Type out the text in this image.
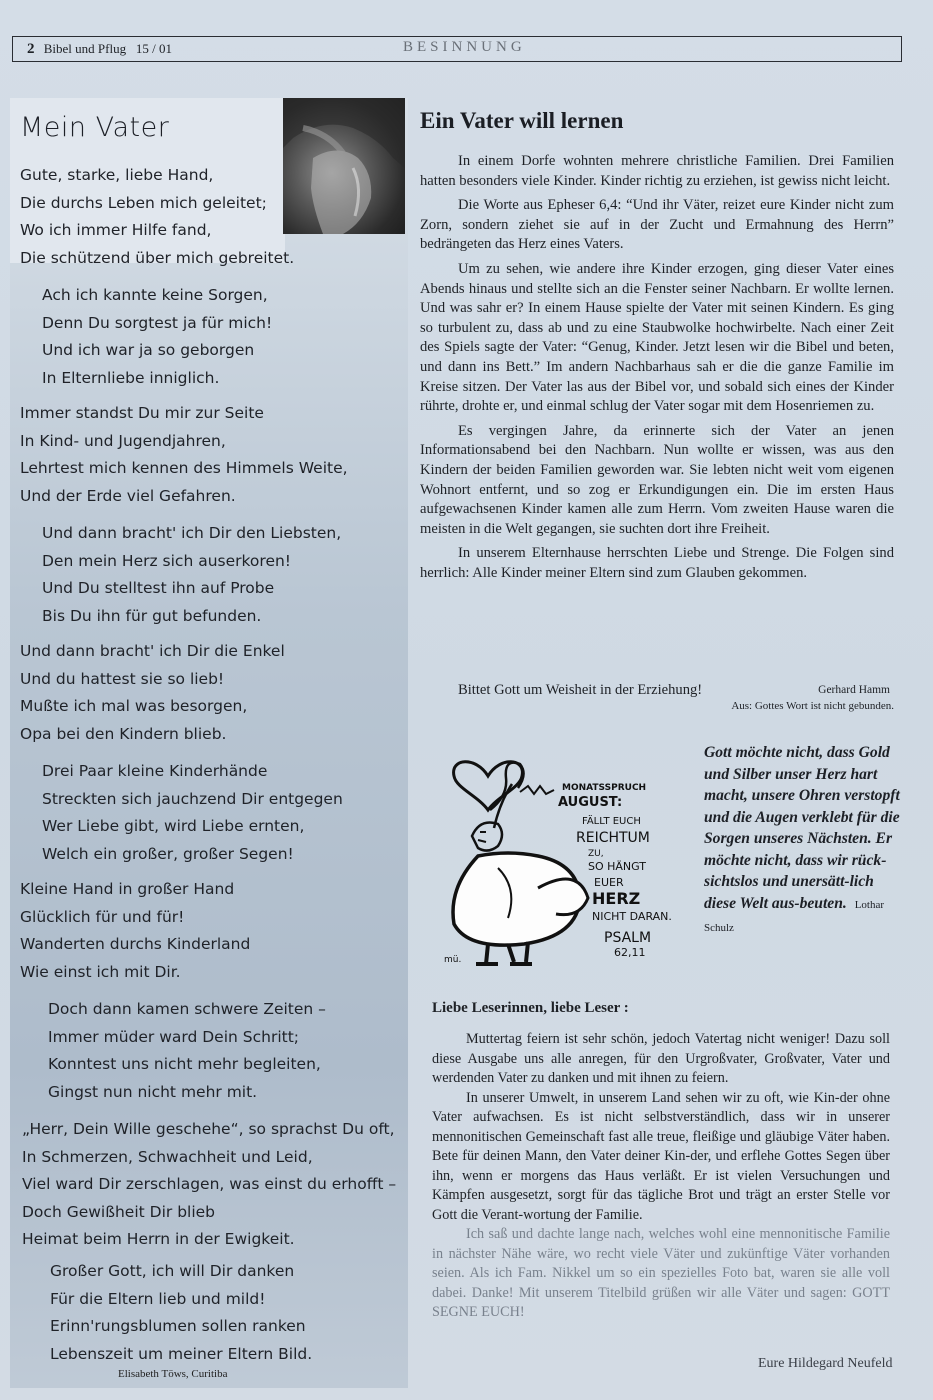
2 Bibel und Pflug 15 / 01	BESINNUNG
Mein Vater
Gute, starke, liebe Hand,
Die durchs Leben mich geleitet;
Wo ich immer Hilfe fand,
Die schützend über mich gebreitet.
Ach ich kannte keine Sorgen,
Denn Du sorgtest ja für mich!
Und ich war ja so geborgen
In Elternliebe inniglich.
Immer standst Du mir zur Seite
In Kind- und Jugendjahren,
Lehrtest mich kennen des Himmels Weite,
Und der Erde viel Gefahren.
Und dann bracht' ich Dir den Liebsten,
Den mein Herz sich auserkoren!
Und Du stelltest ihn auf Probe
Bis Du ihn für gut befunden.
Und dann bracht' ich Dir die Enkel
Und du hattest sie so lieb!
Mußte ich mal was besorgen,
Opa bei den Kindern blieb.
Drei Paar kleine Kinderhände
Streckten sich jauchzend Dir entgegen
Wer Liebe gibt, wird Liebe ernten,
Welch ein großer, großer Segen!
Kleine Hand in großer Hand
Glücklich für und für!
Wanderten durchs Kinderland
Wie einst ich mit Dir.
Doch dann kamen schwere Zeiten –
Immer müder ward Dein Schritt;
Konntest uns nicht mehr begleiten,
Gingst nun nicht mehr mit.
„Herr, Dein Wille geschehe“, so sprachst Du oft,
In Schmerzen, Schwachheit und Leid,
Viel ward Dir zerschlagen, was einst du erhofft –
Doch Gewißheit Dir blieb
Heimat beim Herrn in der Ewigkeit.
Großer Gott, ich will Dir danken
Für die Eltern lieb und mild!
Erinn'rungsblumen sollen ranken
Lebenszeit um meiner Eltern Bild.
Elisabeth Töws, Curitiba
Ein Vater will lernen

In einem Dorfe wohnten mehrere christliche Familien. Drei Familien hatten besonders viele Kinder. Kinder richtig zu erziehen, ist gewiss nicht leicht.

Die Worte aus Epheser 6,4: “Und ihr Väter, reizet eure Kinder nicht zum Zorn, sondern ziehet sie auf in der Zucht und Ermahnung des Herrn” bedrängeten das Herz eines Vaters.

Um zu sehen, wie andere ihre Kinder erzogen, ging dieser Vater eines Abends hinaus und stellte sich an die Fenster seiner Nachbarn. Er wollte lernen. Und was sahr er? In einem Hause spielte der Vater mit seinen Kindern. Es ging so turbulent zu, dass ab und zu eine Staubwolke hochwirbelte. Nach einer Zeit des Spiels sagte der Vater: “Genug, Kinder. Jetzt lesen wir die Bibel und beten, und dann ins Bett.” Im andern Nachbarhaus sah er die die ganze Familie im Kreise sitzen. Der Vater las aus der Bibel vor, und sobald sich eines der Kinder rührte, drohte er, und einmal schlug der Vater sogar mit dem Hosenriemen zu.

Es vergingen Jahre, da erinnerte sich der Vater an jenen Informationsabend bei den Nachbarn. Nun wollte er wissen, was aus den Kindern der beiden Familien geworden war. Sie lebten nicht weit vom eigenen Wohnort entfernt, und so zog er Erkundigungen ein. Die im ersten Haus aufgewachsenen Kinder kamen alle zum Herrn. Vom zweiten Hause waren die meisten in die Welt gegangen, sie suchten dort ihre Freiheit.

In unserem Elternhause herrschten Liebe und Strenge. Die Folgen sind herrlich: Alle Kinder meiner Eltern sind zum Glauben gekommen.

Bittet Gott um Weisheit in der Erziehung!	Gerhard Hamm
Aus: Gottes Wort ist nicht gebunden.
MONATSSPRUCH
AUGUST:
FÄLLT EUCH
REICHTUM
ZU,
SO HÄNGT
EUER
HERZ
NICHT DARAN.
PSALM
62,11
mü.
Gott möchte nicht, dass Gold und Silber unser Herz hart macht, unsere Ohren verstopft und die Augen verklebt für die Sorgen unseres Nächsten. Er möchte nicht, dass wir rück-sichtslos und unersätt-lich diese Welt aus-beuten. Lothar Schulz
Liebe Leserinnen, liebe Leser :

Muttertag feiern ist sehr schön, jedoch Vatertag nicht weniger! Dazu soll diese Ausgabe uns alle anregen, für den Urgroßvater, Großvater, Vater und werdenden Vater zu danken und mit ihnen zu feiern.

In unserer Umwelt, in unserem Land sehen wir zu oft, wie Kin-der ohne Vater aufwachsen. Es ist nicht selbstverständlich, dass wir in unserer mennonitischen Gemeinschaft fast alle treue, fleißige und gläubige Väter haben. Bete für deinen Mann, den Vater deiner Kin-der, und erflehe Gottes Segen über ihn, wenn er morgens das Haus verläßt. Er ist vielen Versuchungen und Kämpfen ausgesetzt, sorgt für das tägliche Brot und trägt an erster Stelle vor Gott die Verant-wortung der Familie.

Ich saß und dachte lange nach, welches wohl eine mennonitische Familie in nächster Nähe wäre, wo recht viele Väter und zukünftige Väter vorhanden seien. Als ich Fam. Nikkel um so ein spezielles Foto bat, waren sie alle voll dabei. Danke! Mit unserem Titelbild grüßen wir alle Väter und sagen: GOTT SEGNE EUCH!

Eure Hildegard Neufeld
